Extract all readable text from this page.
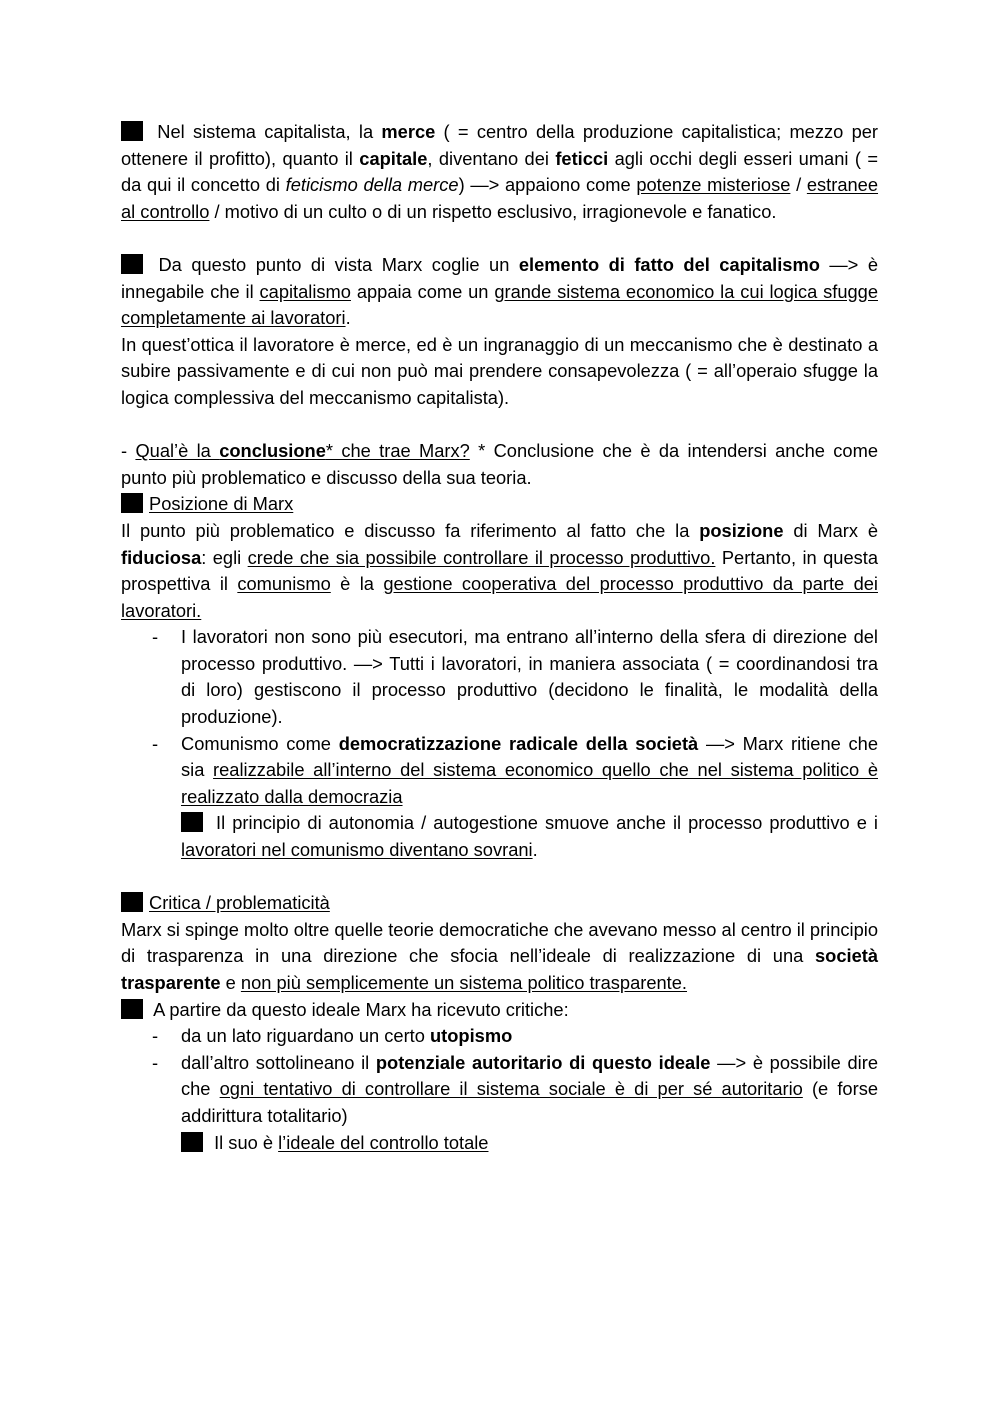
Nel sistema capitalista, la merce ( = centro della produzione capitalistica; mezzo per ottenere il profitto), quanto il capitale, diventano dei feticci agli occhi degli esseri umani ( = da qui il concetto di feticismo della merce) —> appaiono come potenze misteriose / estranee al controllo / motivo di un culto o di un rispetto esclusivo, irragionevole e fanatico.

Da questo punto di vista Marx coglie un elemento di fatto del capitalismo —> è innegabile che il capitalismo appaia come un grande sistema economico la cui logica sfugge completamente ai lavoratori.

In quest’ottica il lavoratore è merce, ed è un ingranaggio di un meccanismo che è destinato a subire passivamente e di cui non può mai prendere consapevolezza ( = all’operaio sfugge la logica complessiva del meccanismo capitalista).

- Qual’è la conclusione* che trae Marx? * Conclusione che è da intendersi anche come punto più problematico e discusso della sua teoria.

Posizione di Marx

Il punto più problematico e discusso fa riferimento al fatto che la posizione di Marx è fiduciosa: egli crede che sia possibile controllare il processo produttivo. Pertanto, in questa prospettiva il comunismo è la gestione cooperativa del processo produttivo da parte dei lavoratori.

- I lavoratori non sono più esecutori, ma entrano all’interno della sfera di direzione del processo produttivo. —> Tutti i lavoratori, in maniera associata ( = coordinandosi tra di loro) gestiscono il processo produttivo (decidono le finalità, le modalità della produzione).
- Comunismo come democratizzazione radicale della società —> Marx ritiene che sia realizzabile all’interno del sistema economico quello che nel sistema politico è realizzato dalla democrazia

Il principio di autonomia / autogestione smuove anche il processo produttivo e i lavoratori nel comunismo diventano sovrani.

Critica / problematicità

Marx si spinge molto oltre quelle teorie democratiche che avevano messo al centro il principio di trasparenza in una direzione che sfocia nell’ideale di realizzazione di una società trasparente e non più semplicemente un sistema politico trasparente.

A partire da questo ideale Marx ha ricevuto critiche:

- da un lato riguardano un certo utopismo
- dall’altro sottolineano il potenziale autoritario di questo ideale —> è possibile dire che ogni tentativo di controllare il sistema sociale è di per sé autoritario (e forse addirittura totalitario)

Il suo è l’ideale del controllo totale
